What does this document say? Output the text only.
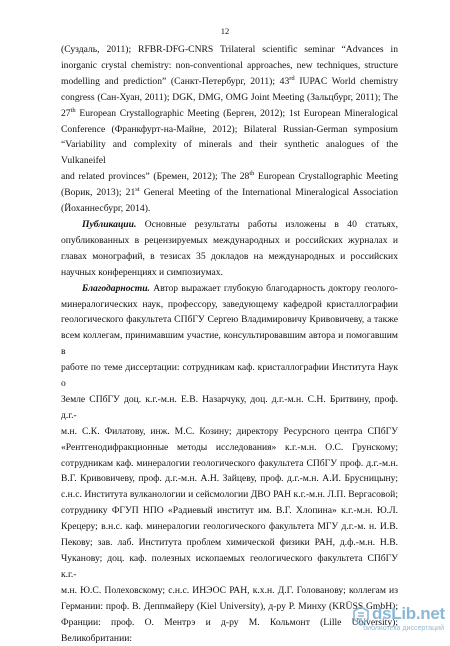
12

(Суздаль, 2011); RFBR-DFG-CNRS Trilateral scientific seminar “Advances in

inorganic crystal chemistry: non-conventional approaches, new techniques, structure

modelling and prediction” (Санкт-Петербург, 2011); 43rd IUPAC World chemistry

congress (Сан-Хуан, 2011); DGK, DMG, OMG Joint Meeting (Зальцбург, 2011); The

27th European Crystallographic Meeting (Берген, 2012); 1st European Mineralogical

Conference (Франкфурт-на-Майне, 2012); Bilateral Russian-German symposium

“Variability and complexity of minerals and their synthetic analogues of the Vulkaneifel

and related provinces” (Бремен, 2012); The 28th European Crystallographic Meeting

(Ворик, 2013); 21st General Meeting of the International Mineralogical Association

(Йоханнесбург, 2014).

Публикации. Основные результаты работы изложены в 40 статьях,

опубликованных в рецензируемых международных и российских журналах и

главах монографий, в тезисах 35 докладов на международных и российских

научных конференциях и симпозиумах.

Благодарности. Автор выражает глубокую благодарность доктору геолого-

минералогических наук, профессору, заведующему кафедрой кристаллографии

геологического факультета СПбГУ Сергею Владимировичу Кривовичеву, а также

всем коллегам, принимавшим участие, консультировавшим автора и помогавшим в

работе по теме диссертации: сотрудникам каф. кристаллографии Института Наук о

Земле СПбГУ доц. к.г.-м.н. Е.В. Назарчуку, доц. д.г.-м.н. С.Н. Бритвину, проф. д.г.-

м.н. С.К. Филатову, инж. М.С. Козину; директору Ресурсного центра СПбГУ

«Рентгенодифракционные методы исследования» к.г.-м.н. О.С. Грунскому;

сотрудникам каф. минералогии геологического факультета СПбГУ проф. д.г.-м.н.

В.Г. Кривовичеву, проф. д.г.-м.н. А.Н. Зайцеву, проф. д.г.-м.н. А.И. Брусницыну;

с.н.с. Института вулканологии и сейсмологии ДВО РАН к.г.-м.н. Л.П. Вергасовой;

сотруднику ФГУП НПО «Радиевый институт им. В.Г. Хлопина» к.г.-м.н. Ю.Л.

Крецеру; в.н.с. каф. минералогии геологического факультета МГУ д.г.-м. н. И.В.

Пекову; зав. лаб. Института проблем химической физики РАН, д.ф.-м.н. Н.В.

Чуканову; доц. каф. полезных ископаемых геологического факультета СПбГУ к.г.-

м.н. Ю.С. Полеховскому; с.н.с. ИНЭОС РАН, к.х.н. Д.Г. Голованову; коллегам из

Германии: проф. В. Деппмайеру (Kiel University), д-ру Р. Минху (KRÜSS GmbH);

Франции: проф. О. Ментрэ и д-ру М. Кольмонт (Lille University); Великобритании:

dsLib.net
библиотека диссертаций
